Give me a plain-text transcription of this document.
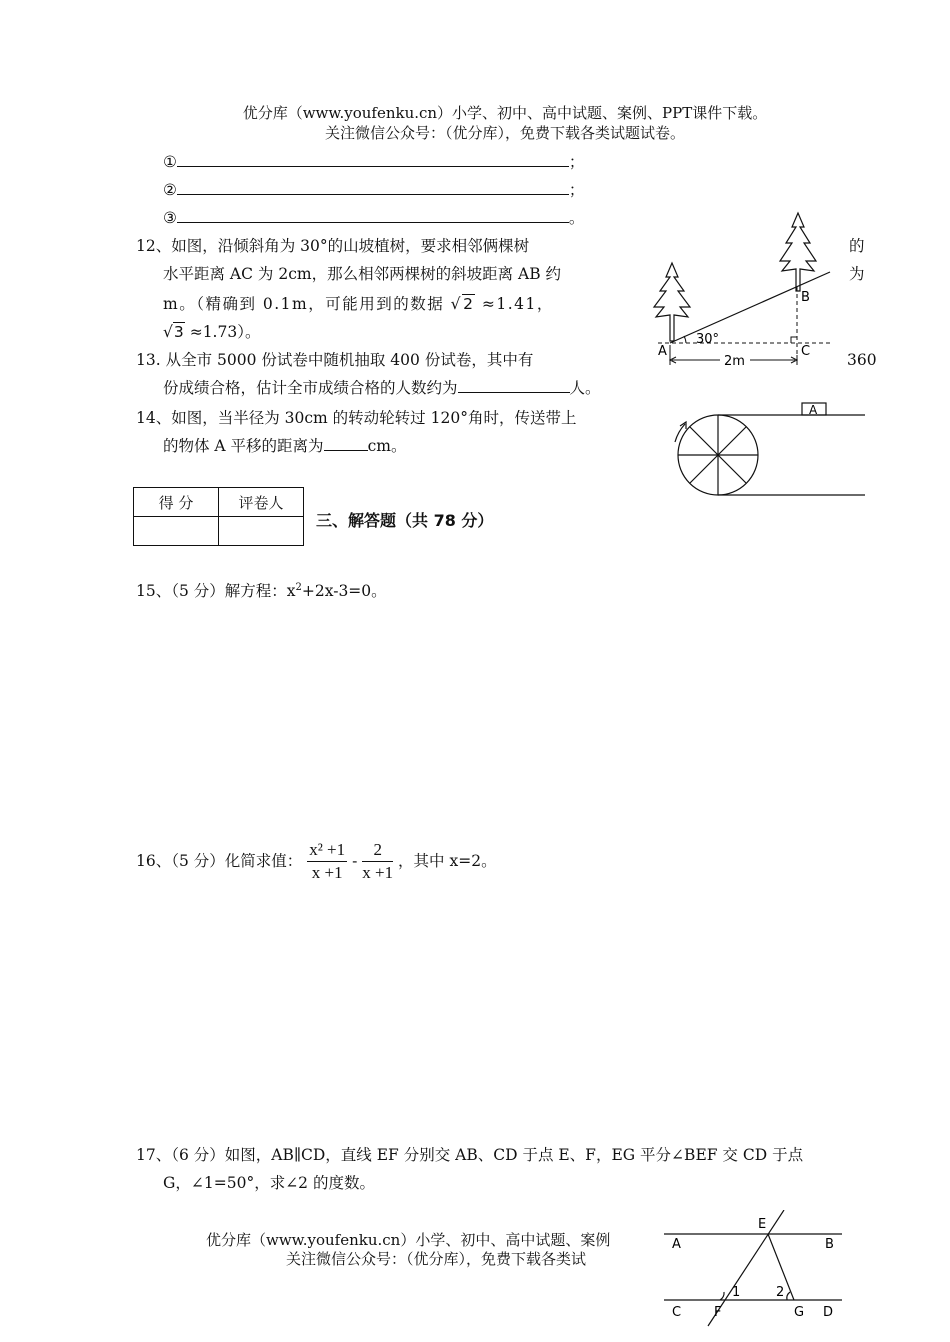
优分库（www.youfenku.cn）小学、初中、高中试题、案例、PPT课件下载。
关注微信公众号：（优分库），免费下载各类试题试卷。
①	；
②	；
③	。
12、如图，沿倾斜角为 30°的山坡植树，要求相邻俩棵树	的
水平距离 AC 为 2cm，那么相邻两棵树的斜坡距离 AB 约	为
m。（精确到 0.1m，可能用到的数据 √2 ≈1.41，
√3 ≈1.73）。
A
B
C
30°
2m
13. 从全市 5000 份试卷中随机抽取 400 份试卷，其中有	360
份成绩合格，估计全市成绩合格的人数约为	人。
14、如图，当半径为 30cm 的转动轮转过 120°角时，传送带上
的物体 A 平移的距离为	cm。
A
得 分	评卷人

三、解答题（共 78 分）
15、（5 分）解方程：$x^2+2x-3=0$。
16、（5 分）化简求值： $\frac{\text{x² +1}}{x +1} - \frac{2}{x +1}$ ，其中 x=2。
17、（6 分）如图，AB∥CD，直线 EF 分别交 AB、CD 于点 E、F，EG 平分∠BEF 交 CD 于点
G，∠1=50°，求∠2 的度数。
优分库（www.youfenku.cn）小学、初中、高中试题、案例
关注微信公众号：（优分库），免费下载各类试
A	B
E
C	F	G D
1	2
